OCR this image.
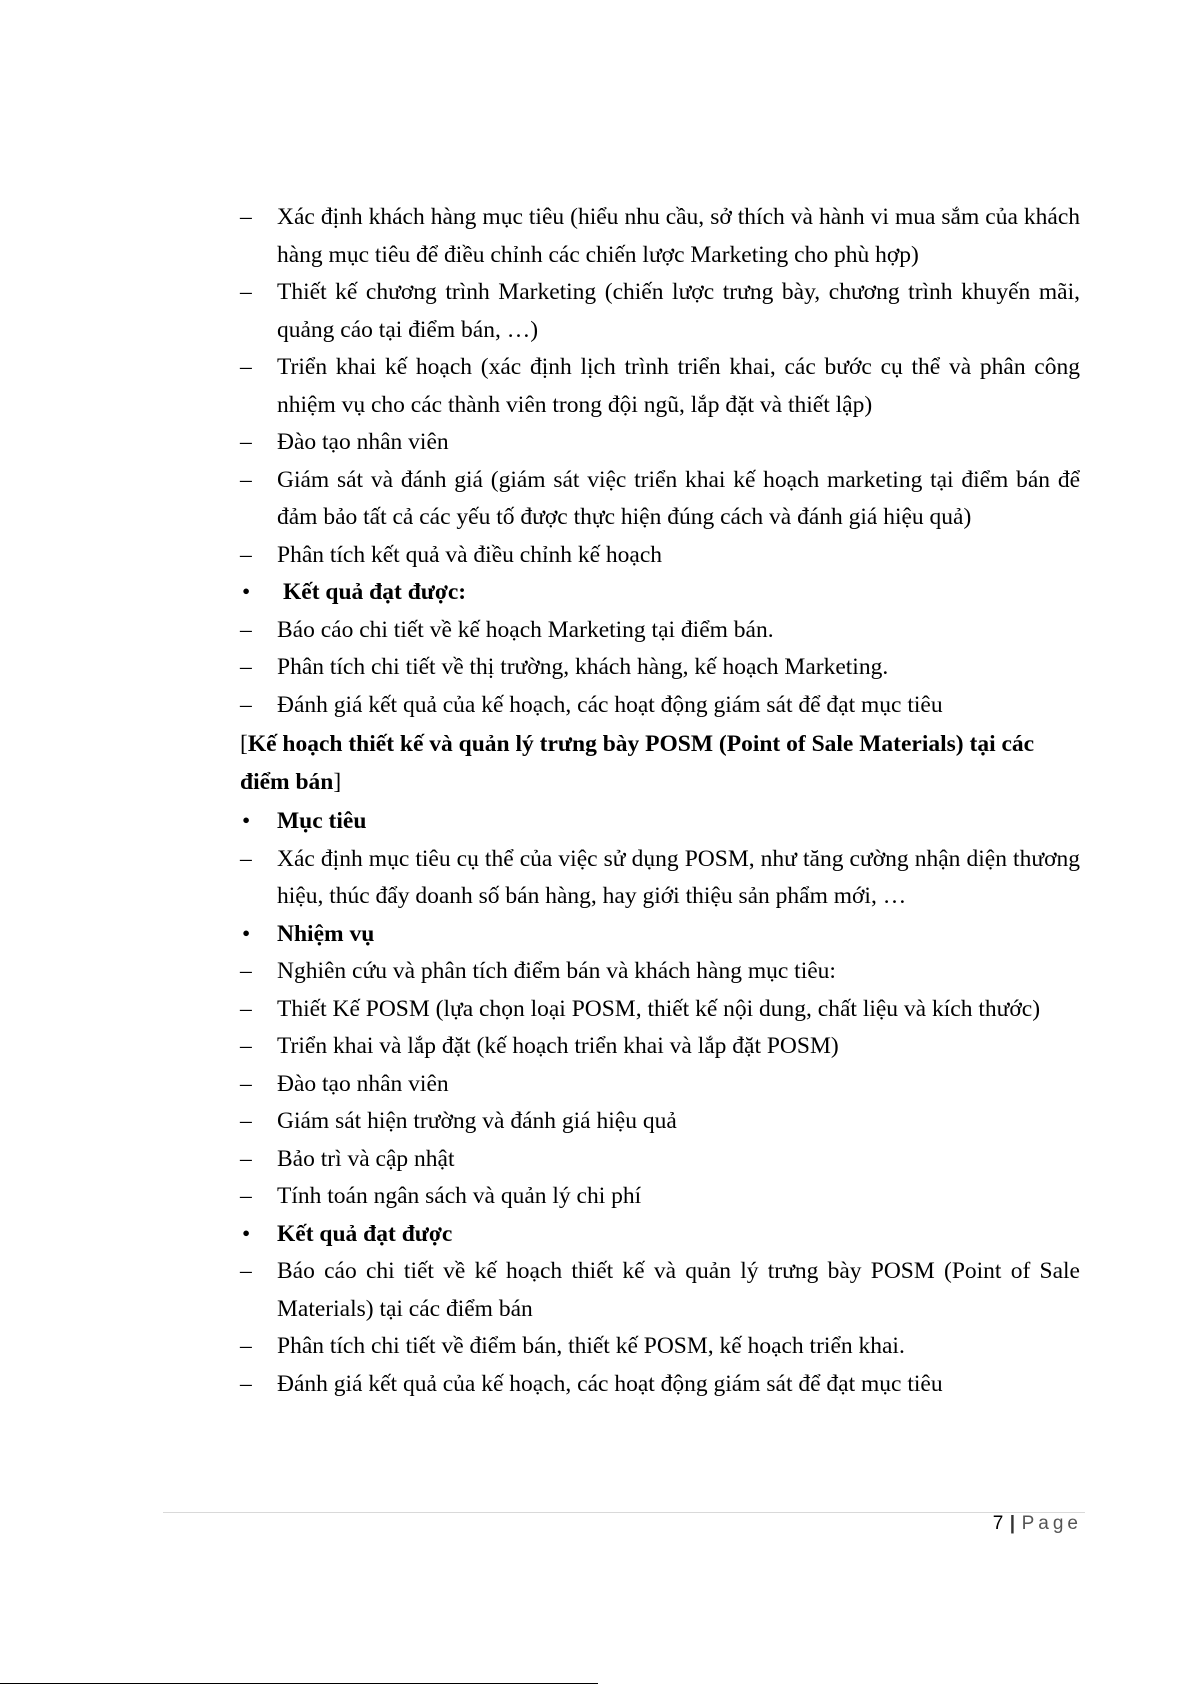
–	Xác định khách hàng mục tiêu (hiểu nhu cầu, sở thích và hành vi mua sắm của khách hàng mục tiêu để điều chỉnh các chiến lược Marketing cho phù hợp)
–	Thiết kế chương trình Marketing (chiến lược trưng bày, chương trình khuyến mãi, quảng cáo tại điểm bán, …)
–	Triển khai kế hoạch (xác định lịch trình triển khai, các bước cụ thể và phân công nhiệm vụ cho các thành viên trong đội ngũ, lắp đặt và thiết lập)
–	Đào tạo nhân viên
–	Giám sát và đánh giá (giám sát việc triển khai kế hoạch marketing tại điểm bán để đảm bảo tất cả các yếu tố được thực hiện đúng cách và đánh giá hiệu quả)
–	Phân tích kết quả và điều chỉnh kế hoạch
•	Kết quả đạt được:
–	Báo cáo chi tiết về kế hoạch Marketing tại điểm bán.
–	Phân tích chi tiết về thị trường, khách hàng, kế hoạch Marketing.
–	Đánh giá kết quả của kế hoạch, các hoạt động giám sát để đạt mục tiêu
[Kế hoạch thiết kế và quản lý trưng bày POSM (Point of Sale Materials) tại các điểm bán]
•	Mục tiêu
–	Xác định mục tiêu cụ thể của việc sử dụng POSM, như tăng cường nhận diện thương hiệu, thúc đẩy doanh số bán hàng, hay giới thiệu sản phẩm mới, …
•	Nhiệm vụ
–	Nghiên cứu và phân tích điểm bán và khách hàng mục tiêu:
–	Thiết Kế POSM (lựa chọn loại POSM, thiết kế nội dung, chất liệu và kích thước)
–	Triển khai và lắp đặt (kế hoạch triển khai và lắp đặt POSM)
–	Đào tạo nhân viên
–	Giám sát hiện trường và đánh giá hiệu quả
–	Bảo trì và cập nhật
–	Tính toán ngân sách và quản lý chi phí
•	Kết quả đạt được
–	Báo cáo chi tiết về kế hoạch thiết kế và quản lý trưng bày POSM (Point of Sale Materials) tại các điểm bán
–	Phân tích chi tiết về điểm bán, thiết kế POSM, kế hoạch triển khai.
–	Đánh giá kết quả của kế hoạch, các hoạt động giám sát để đạt mục tiêu
7 | Page
